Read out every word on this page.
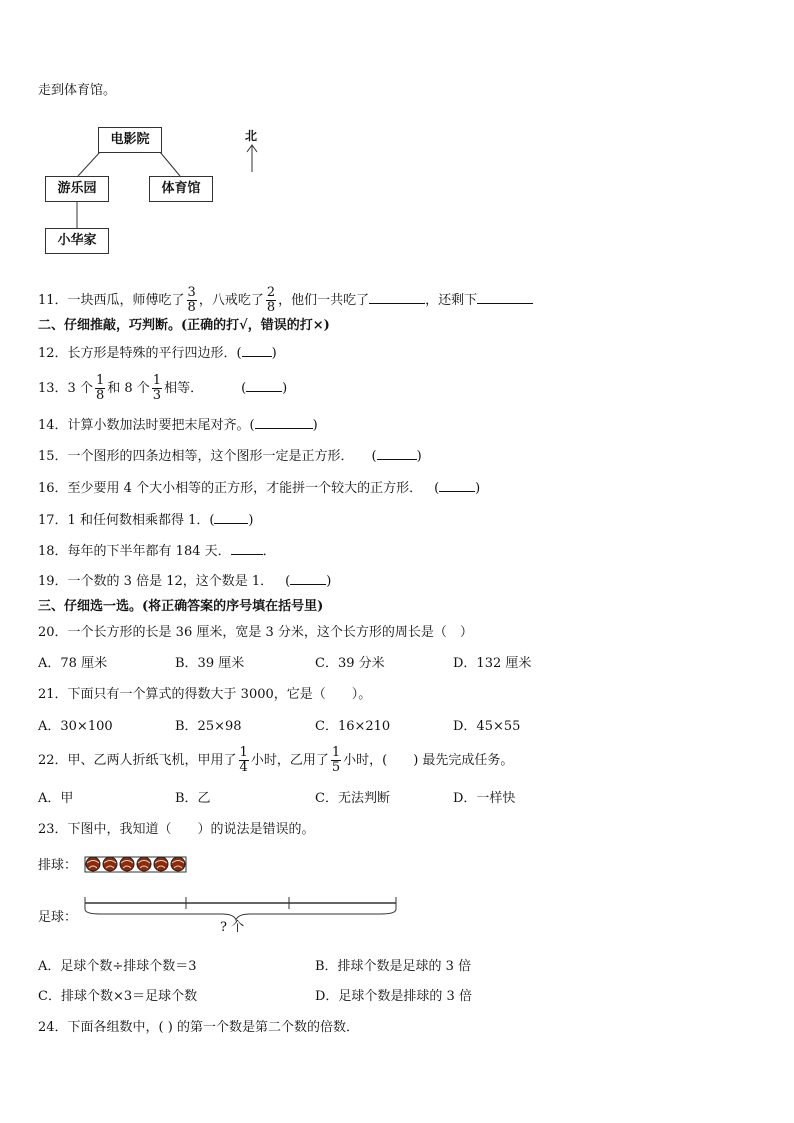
走到体育馆。
电影院
游乐园	体育馆
小华家
北
11．一块西瓜，师傅吃了 $\frac{3}{8}$ ，八戒吃了 $\frac{2}{8}$ ，他们一共吃了	，还剩下
二、仔细推敲，巧判断。(正确的打√，错误的打×)
12．长方形是特殊的平行四边形．( )
13．3 个 $\frac{1}{8}$ 和 8 个 $\frac{1}{3}$ 相等．	(	)
14．计算小数加法时要把末尾对齐。(	)
15．一个图形的四条边相等，这个图形一定是正方形． (	)
16．至少要用 4 个大小相等的正方形，才能拼一个较大的正方形． (	)
17．1 和任何数相乘都得 1．(	)
18．每年的下半年都有 184 天． ．
19．一个数的 3 倍是 12，这个数是 1． (	)
三、仔细选一选。(将正确答案的序号填在括号里)
20．一个长方形的长是 36 厘米，宽是 3 分米，这个长方形的周长是（　）
A．78 厘米	B．39 厘米	C．39 分米	D．132 厘米
21．下面只有一个算式的得数大于 3000，它是（　　）。
A．30×100	B．25×98	C．16×210	D．45×55
22．甲、乙两人折纸飞机，甲用了 $\frac{1}{4}$ 小时，乙用了 $\frac{1}{5}$ 小时，(　　) 最先完成任务。
A．甲	B．乙	C．无法判断	D．一样快
23．下图中，我知道（　　）的说法是错误的。
排球：
足球：
? 个
A．足球个数÷排球个数＝3	B．排球个数是足球的 3 倍
C．排球个数×3＝足球个数	D．足球个数是排球的 3 倍
24．下面各组数中，( ) 的第一个数是第二个数的倍数．
